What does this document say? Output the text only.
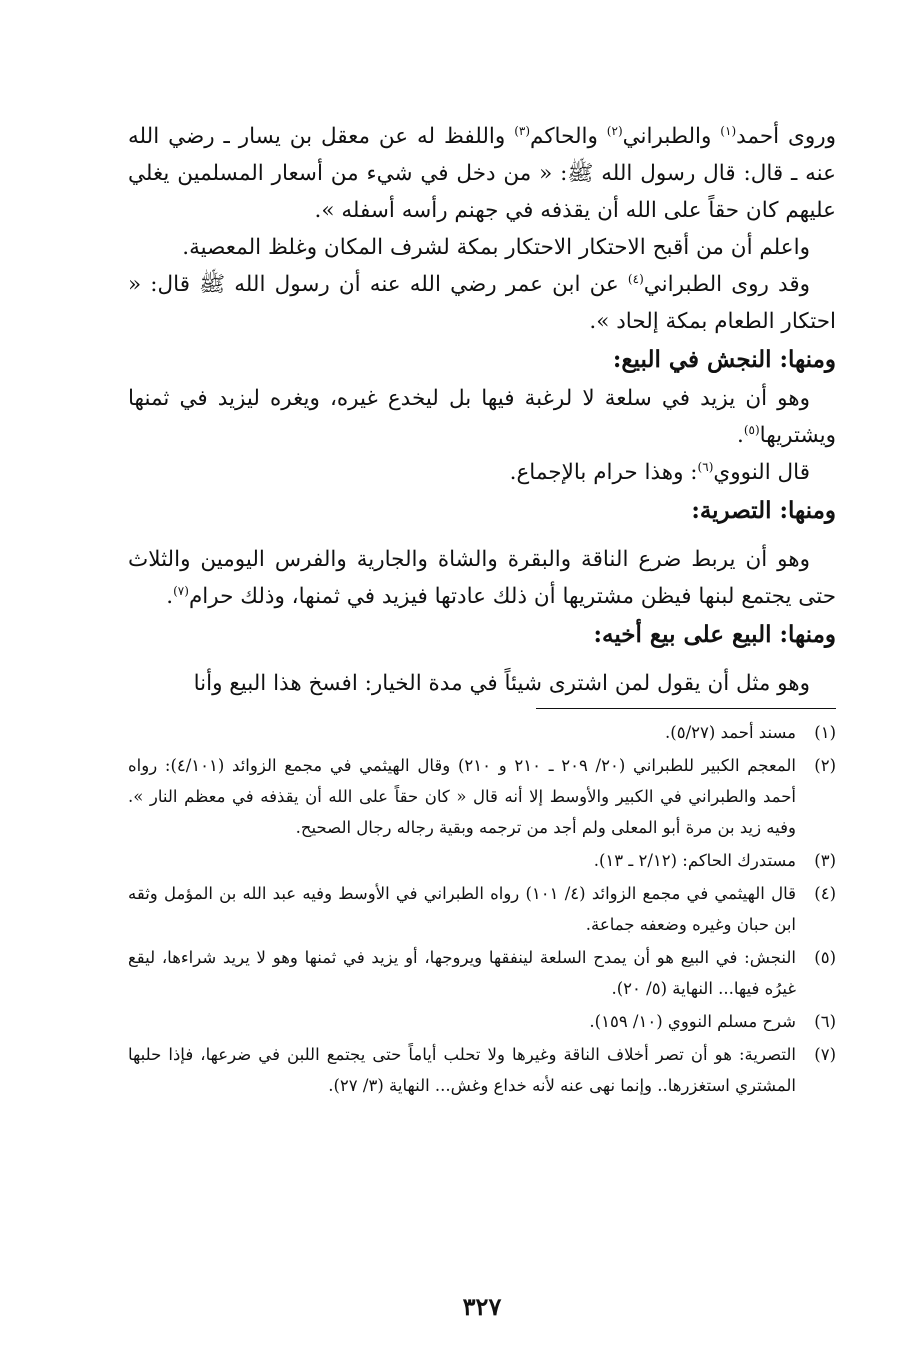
وروى أحمد$^{(١)}$ والطبراني$^{(٢)}$ والحاكم$^{(٣)}$ واللفظ له عن معقل بن يسار ـ رضي الله عنه ـ قال: قال رسول الله ﷺ: « من دخل في شيء من أسعار المسلمين يغلي عليهم كان حقاً على الله أن يقذفه في جهنم رأسه أسفله ».

واعلم أن من أقبح الاحتكار الاحتكار بمكة لشرف المكان وغلظ المعصية.

وقد روى الطبراني$^{(٤)}$ عن ابن عمر رضي الله عنه أن رسول الله ﷺ قال: « احتكار الطعام بمكة إلحاد ».

ومنها: النجش في البيع:

وهو أن يزيد في سلعة لا لرغبة فيها بل ليخدع غيره، ويغره ليزيد في ثمنها ويشتريها$^{(٥)}$.

قال النووي$^{(٦)}$: وهذا حرام بالإجماع.

ومنها: التصرية:

وهو أن يربط ضرع الناقة والبقرة والشاة والجارية والفرس اليومين والثلاث حتى يجتمع لبنها فيظن مشتريها أن ذلك عادتها فيزيد في ثمنها، وذلك حرام$^{(٧)}$.

ومنها: البيع على بيع أخيه:

وهو مثل أن يقول لمن اشترى شيئاً في مدة الخيار: افسخ هذا البيع وأنا

(١)
مسند أحمد (٥/٢٧).
(٢)
المعجم الكبير للطبراني (٢٠/ ٢٠٩ ـ ٢١٠ و ٢١٠) وقال الهيثمي في مجمع الزوائد (٤/١٠١): رواه أحمد والطبراني في الكبير والأوسط إلا أنه قال « كان حقاً على الله أن يقذفه في معظم النار ». وفيه زيد بن مرة أبو المعلى ولم أجد من ترجمه وبقية رجاله رجال الصحيح.
(٣)
مستدرك الحاكم: (٢/١٢ ـ ١٣).
(٤)
قال الهيثمي في مجمع الزوائد (٤/ ١٠١) رواه الطبراني في الأوسط وفيه عبد الله بن المؤمل وثقه ابن حبان وغيره وضعفه جماعة.
(٥)
النجش: في البيع هو أن يمدح السلعة لينفقها ويروجها، أو يزيد في ثمنها وهو لا يريد شراءها، ليقع غيرُه فيها... النهاية (٥/ ٢٠).
(٦)
شرح مسلم النووي (١٠/ ١٥٩).
(٧)
التصرية: هو أن تصر أخلاف الناقة وغيرها ولا تحلب أياماً حتى يجتمع اللبن في ضرعها، فإذا حلبها المشتري استغزرها.. وإنما نهى عنه لأنه خداع وغش... النهاية (٣/ ٢٧).
٣٢٧
